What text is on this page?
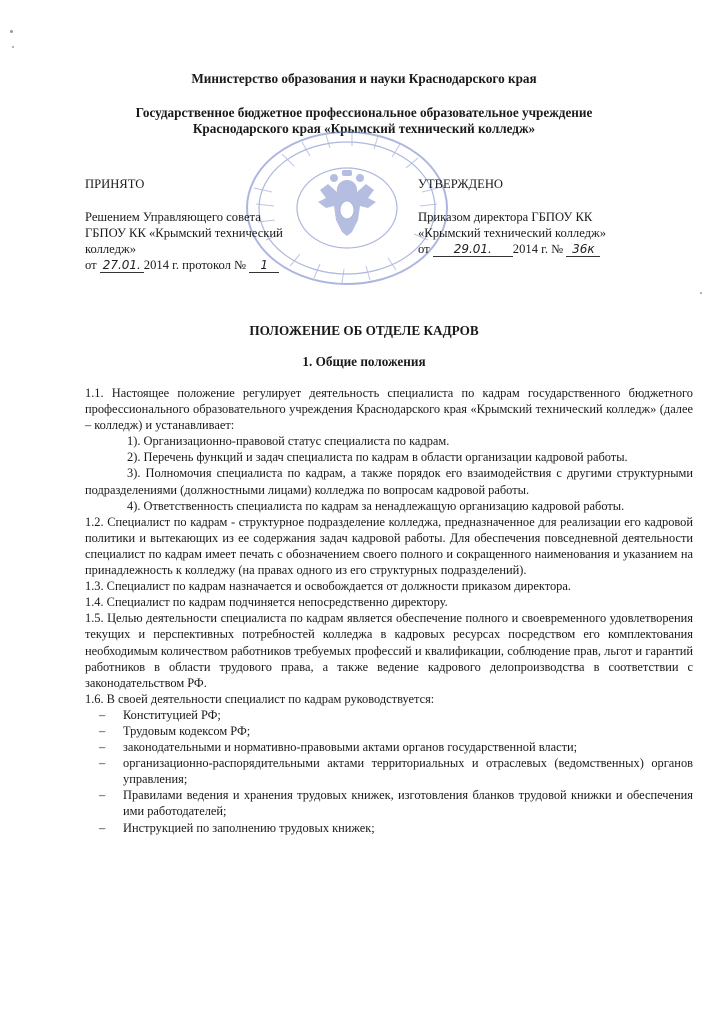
Министерство образования и науки Краснодарского края
Государственное бюджетное профессиональное образовательное учреждение
Краснодарского края «Крымский технический колледж»
ПРИНЯТО
Решением Управляющего совета
ГБПОУ КК «Крымский технический
колледж»
от 27.01. 2014 г. протокол № 1
УТВЕРЖДЕНО
Приказом директора ГБПОУ КК
«Крымский технический колледж»
от 29.01. 2014 г. № 36к
ПОЛОЖЕНИЕ ОБ ОТДЕЛЕ КАДРОВ
1. Общие положения

1.1. Настоящее положение регулирует деятельность специалиста по кадрам государственного бюджетного профессионального образовательного учреждения Краснодарского края «Крымский технический колледж» (далее – колледж) и устанавливает:

1). Организационно-правовой статус специалиста по кадрам.

2). Перечень функций и задач специалиста по кадрам в области организации кадровой работы.

3). Полномочия специалиста по кадрам, а также порядок его взаимодействия с другими структурными подразделениями (должностными лицами) колледжа по вопросам кадровой работы.

4). Ответственность специалиста по кадрам за ненадлежащую организацию кадровой работы.

1.2. Специалист по кадрам - структурное подразделение колледжа, предназначенное для реализации его кадровой политики и вытекающих из ее содержания задач кадровой работы. Для обеспечения повседневной деятельности специалист по кадрам имеет печать с обозначением своего полного и сокращенного наименования и указанием на принадлежность к колледжу (на правах одного из его структурных подразделений).

1.3. Специалист по кадрам назначается и освобождается от должности приказом директора.

1.4. Специалист по кадрам подчиняется непосредственно директору.

1.5. Целью деятельности специалиста по кадрам является обеспечение полного и своевременного удовлетворения текущих и перспективных потребностей колледжа в кадровых ресурсах посредством его комплектования необходимым количеством работников требуемых профессий и квалификации, соблюдение прав, льгот и гарантий работников в области трудового права, а также ведение кадрового делопроизводства в соответствии с законодательством РФ.

1.6. В своей деятельности специалист по кадрам руководствуется:

– Конституцией РФ;
– Трудовым кодексом РФ;
– законодательными и нормативно-правовыми актами органов государственной власти;
– организационно-распорядительными актами территориальных и отраслевых (ведомственных) органов управления;
– Правилами ведения и хранения трудовых книжек, изготовления бланков трудовой книжки и обеспечения ими работодателей;
– Инструкцией по заполнению трудовых книжек;
